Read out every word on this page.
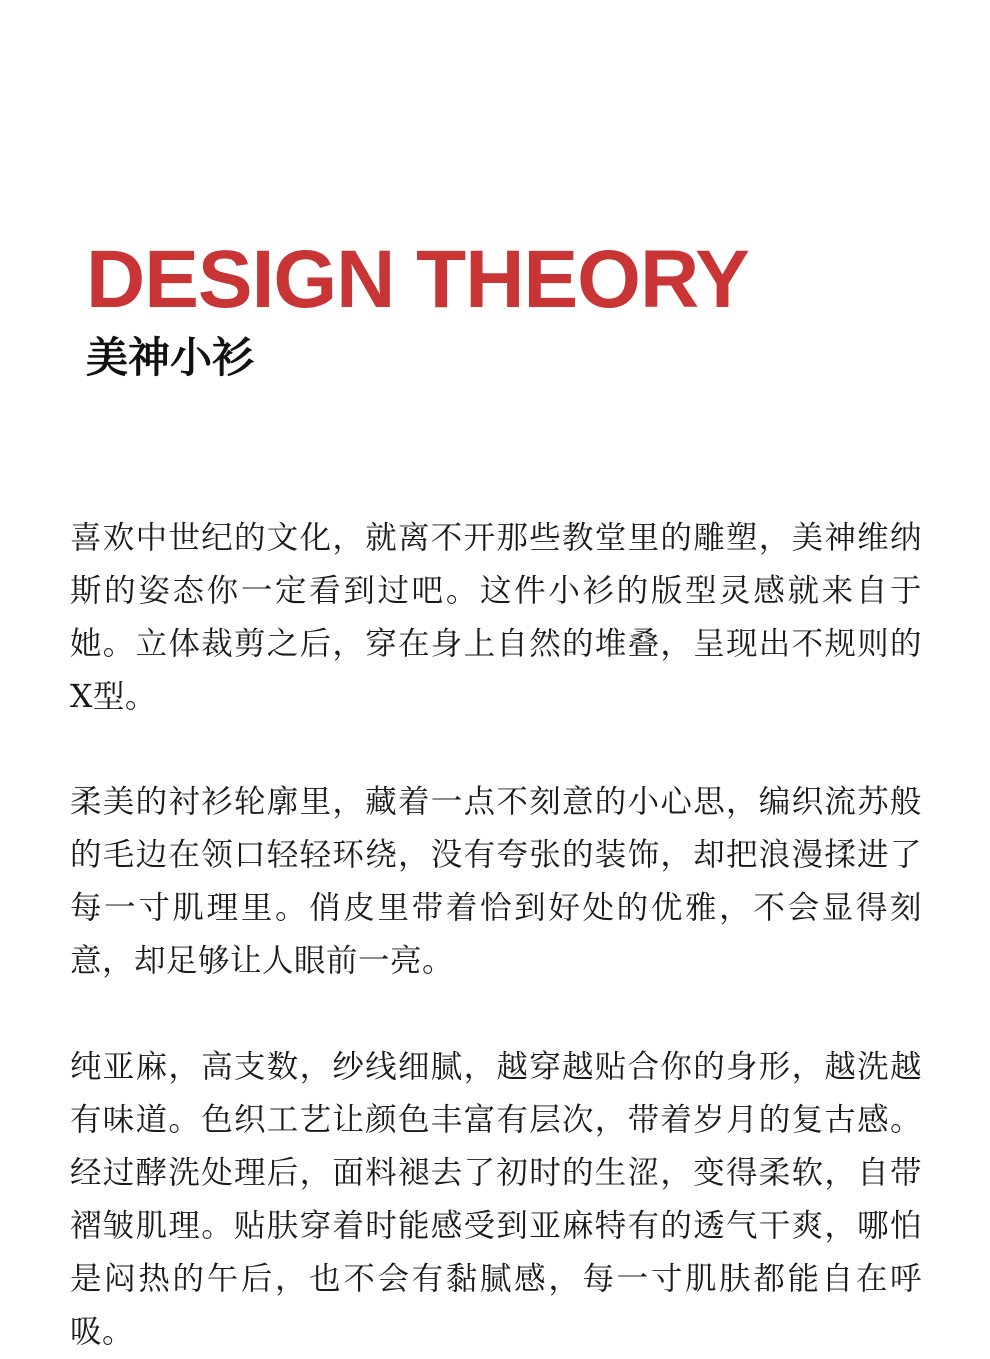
DESIGN THEORY
美神小衫

喜欢中世纪的文化，就离不开那些教堂里的雕塑，美神维纳斯的姿态你一定看到过吧。这件小衫的版型灵感就来自于她。立体裁剪之后，穿在身上自然的堆叠，呈现出不规则的X型。

柔美的衬衫轮廓里，藏着一点不刻意的小心思，编织流苏般的毛边在领口轻轻环绕，没有夸张的装饰，却把浪漫揉进了每一寸肌理里。俏皮里带着恰到好处的优雅，不会显得刻意，却足够让人眼前一亮。

纯亚麻，高支数，纱线细腻，越穿越贴合你的身形，越洗越有味道。色织工艺让颜色丰富有层次，带着岁月的复古感。经过酵洗处理后，面料褪去了初时的生涩，变得柔软，自带褶皱肌理。贴肤穿着时能感受到亚麻特有的透气干爽，哪怕是闷热的午后，也不会有黏腻感，每一寸肌肤都能自在呼吸。
